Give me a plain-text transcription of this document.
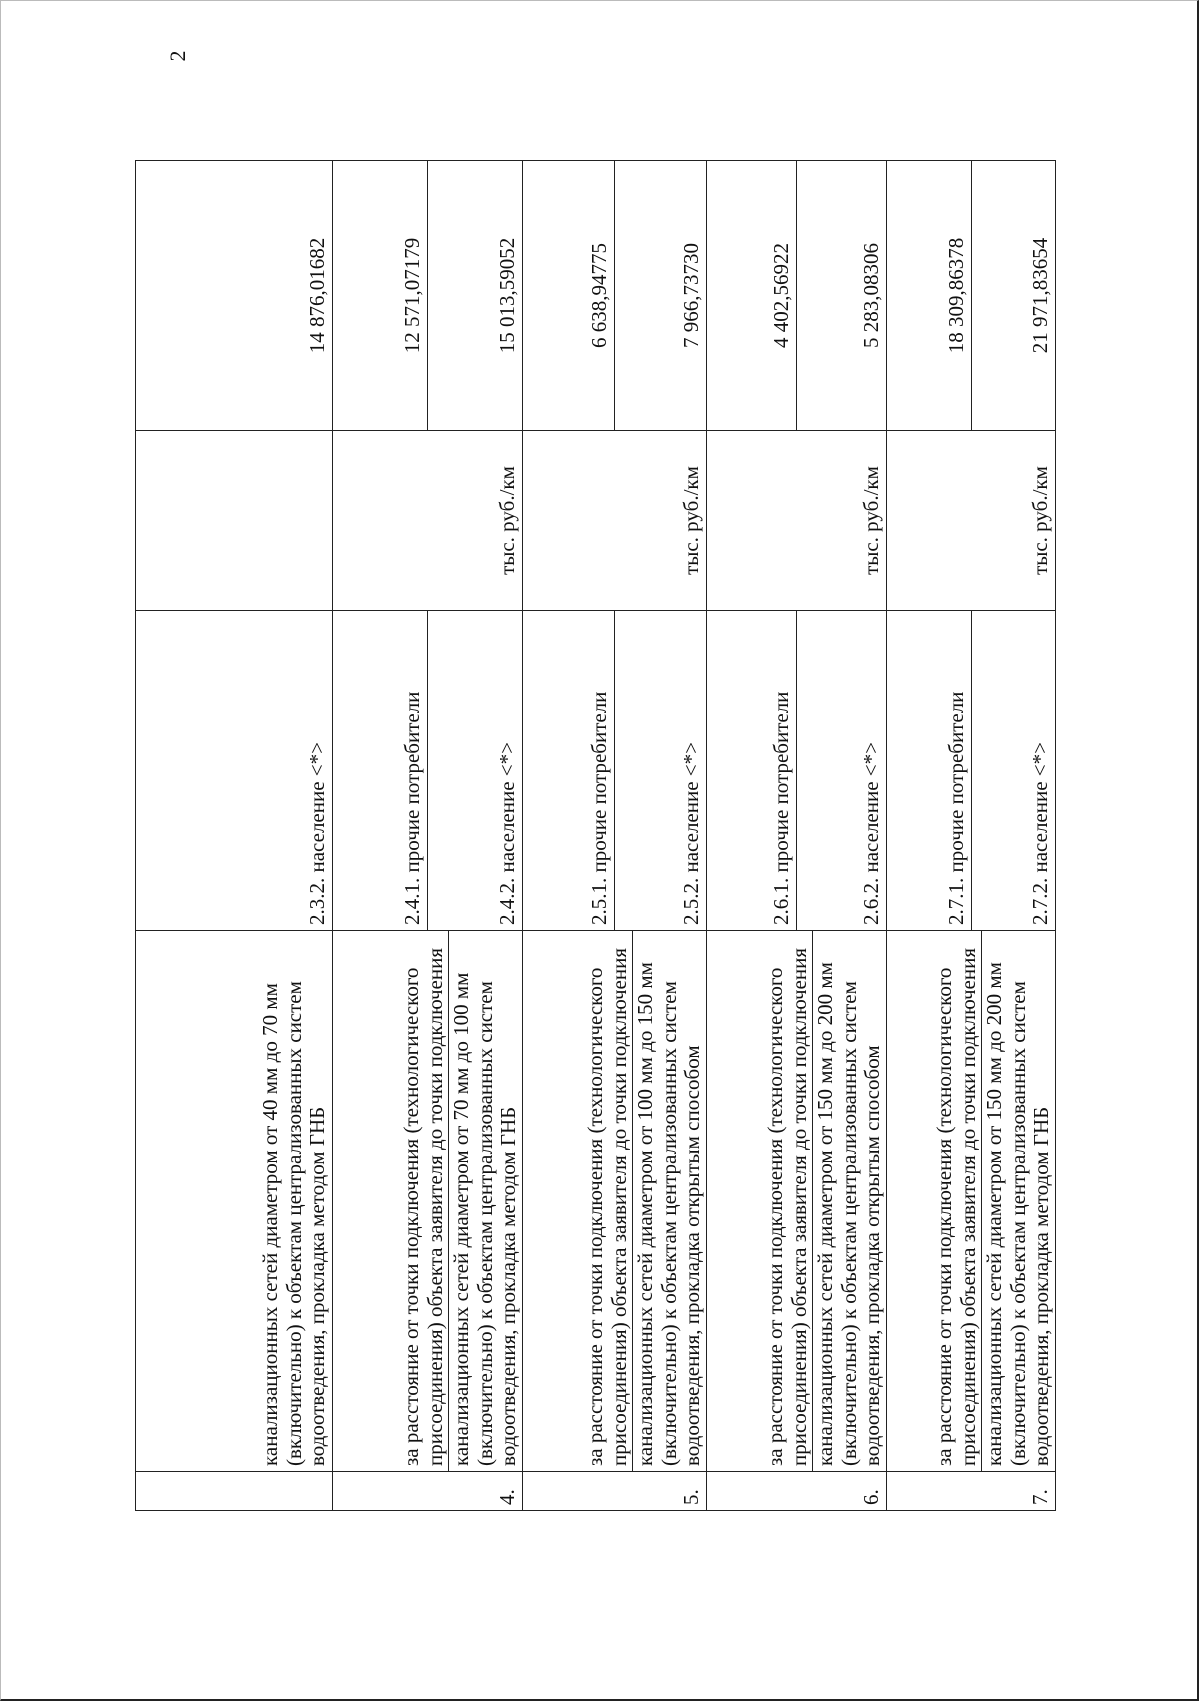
2
	канализационных сетей диаметром от 40 мм до 70 мм (включительно) к объектам централизованных систем водоотведения, прокладка методом ГНБ	2.3.2. население <*>		14 876,01682
4.	за расстояние от точки подключения (технологического присоединения) объекта заявителя до точки подключения канализационных сетей диаметром от 70 мм до 100 мм (включительно) к объектам централизованных систем водоотведения, прокладка методом ГНБ	2.4.1. прочие потребители	тыс. руб./км	12 571,07179
		2.4.2. население <*>		15 013,59052
5.	за расстояние от точки подключения (технологического присоединения) объекта заявителя до точки подключения канализационных сетей диаметром от 100 мм до 150 мм (включительно) к объектам централизованных систем водоотведения, прокладка открытым способом	2.5.1. прочие потребители	тыс. руб./км	6 638,94775
		2.5.2. население <*>		7 966,73730
6.	за расстояние от точки подключения (технологического присоединения) объекта заявителя до точки подключения канализационных сетей диаметром от 150 мм до 200 мм (включительно) к объектам централизованных систем водоотведения, прокладка открытым способом	2.6.1. прочие потребители	тыс. руб./км	4 402,56922
		2.6.2. население <*>		5 283,08306
7.	за расстояние от точки подключения (технологического присоединения) объекта заявителя до точки подключения канализационных сетей диаметром от 150 мм до 200 мм (включительно) к объектам централизованных систем водоотведения, прокладка методом ГНБ	2.7.1. прочие потребители	тыс. руб./км	18 309,86378
		2.7.2. население <*>		21 971,83654
